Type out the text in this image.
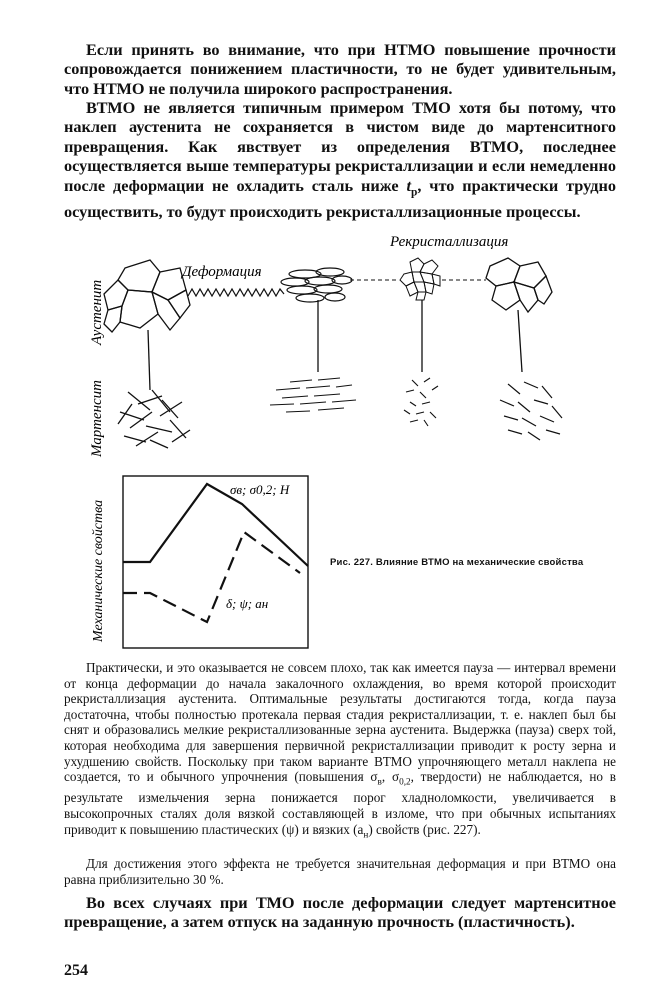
Если принять во внимание, что при НТМО повышение прочности сопровождается понижением пластичности, то не будет удивительным, что НТМО не получила широкого распространения.

ВТМО не является типичным примером ТМО хотя бы потому, что наклеп аустенита не сохраняется в чистом виде до мартенситного превращения. Как явствует из определения ВТМО, последнее осуществляется выше температуры рекристаллизации и если немедленно после деформации не охладить сталь ниже $t_р$, что практически трудно осуществить, то будут происходить рекристаллизационные процессы.

Рекристаллизация
Аустенит
Мартенсит
Деформация
Механические свойства
σв; σ0,2; H
δ; ψ; aн
Рис. 227. Влияние ВТМО на механические свойства

Практически, и это оказывается не совсем плохо, так как имеется пауза — интервал времени от конца деформации до начала закалочного охлаждения, во время которой происходит рекристаллизация аустенита. Оптимальные результаты достигаются тогда, когда пауза достаточна, чтобы полностью протекала первая стадия рекристаллизации, т. е. наклеп был бы снят и образовались мелкие рекристаллизованные зерна аустенита. Выдержка (пауза) сверх той, которая необходима для завершения первичной рекристаллизации приводит к росту зерна и ухудшению свойств. Поскольку при таком варианте ВТМО упрочняющего металл наклепа не создается, то и обычного упрочнения (повышения $\sigma_в$, $\sigma_{0,2}$, твердости) не наблюдается, но в результате измельчения зерна понижается порог хладноломкости, увеличивается в высокопрочных сталях доля вязкой составляющей в изломе, что при обычных испытаниях приводит к повышению пластических (ψ) и вязких $(a_н)$ свойств (рис. 227).

Для достижения этого эффекта не требуется значительная деформация и при ВТМО она равна приблизительно 30 %.

Во всех случаях при ТМО после деформации следует мартенситное превращение, а затем отпуск на заданную прочность (пластичность).

254
